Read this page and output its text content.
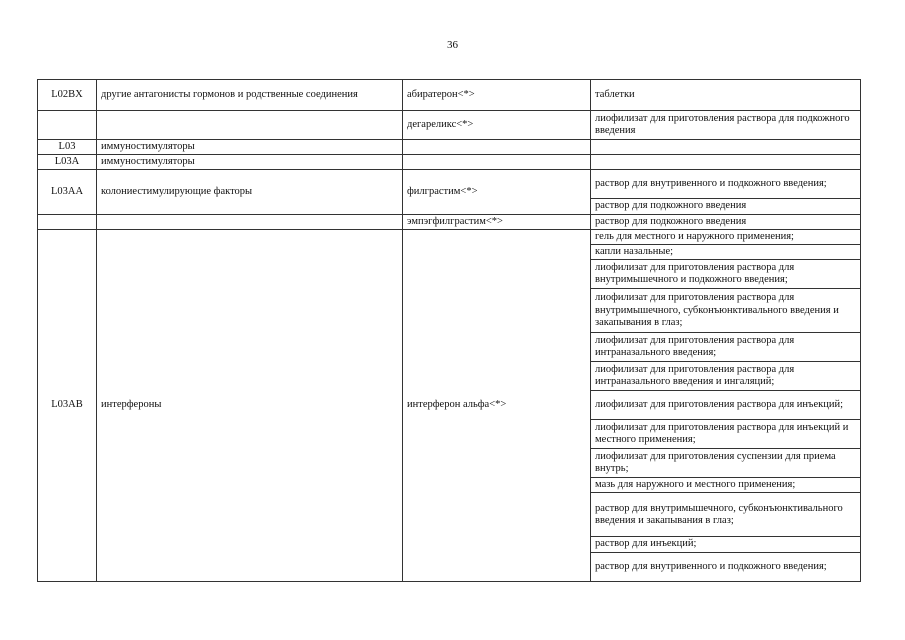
36
L02BX	другие антагонисты гормонов и родственные соединения	абиратерон<*>	таблетки
		дегареликс<*>	лиофилизат для приготовления раствора для подкожного введения
L03	иммуностимуляторы		
L03A	иммуностимуляторы		
L03AA	колониестимулирующие факторы	филграстим<*>	раствор для внутривенного и подкожного введения;
			раствор для подкожного введения
		эмпэгфилграстим<*>	раствор для подкожного введения
L03AB	интерфероны	интерферон альфа<*>	гель для местного и наружного применения;
			капли назальные;
			лиофилизат для приготовления раствора для внутримышечного и подкожного введения;
			лиофилизат для приготовления раствора для внутримышечного, субконъюнктивального введения и закапывания в глаз;
			лиофилизат для приготовления раствора для интраназального введения;
			лиофилизат для приготовления раствора для интраназального введения и ингаляций;
			лиофилизат для приготовления раствора для инъекций;
			лиофилизат для приготовления раствора для инъекций и местного применения;
			лиофилизат для приготовления суспензии для приема внутрь;
			мазь для наружного и местного применения;
			раствор для внутримышечного, субконъюнктивального введения и закапывания в глаз;
			раствор для инъекций;
			раствор для внутривенного и подкожного введения;
